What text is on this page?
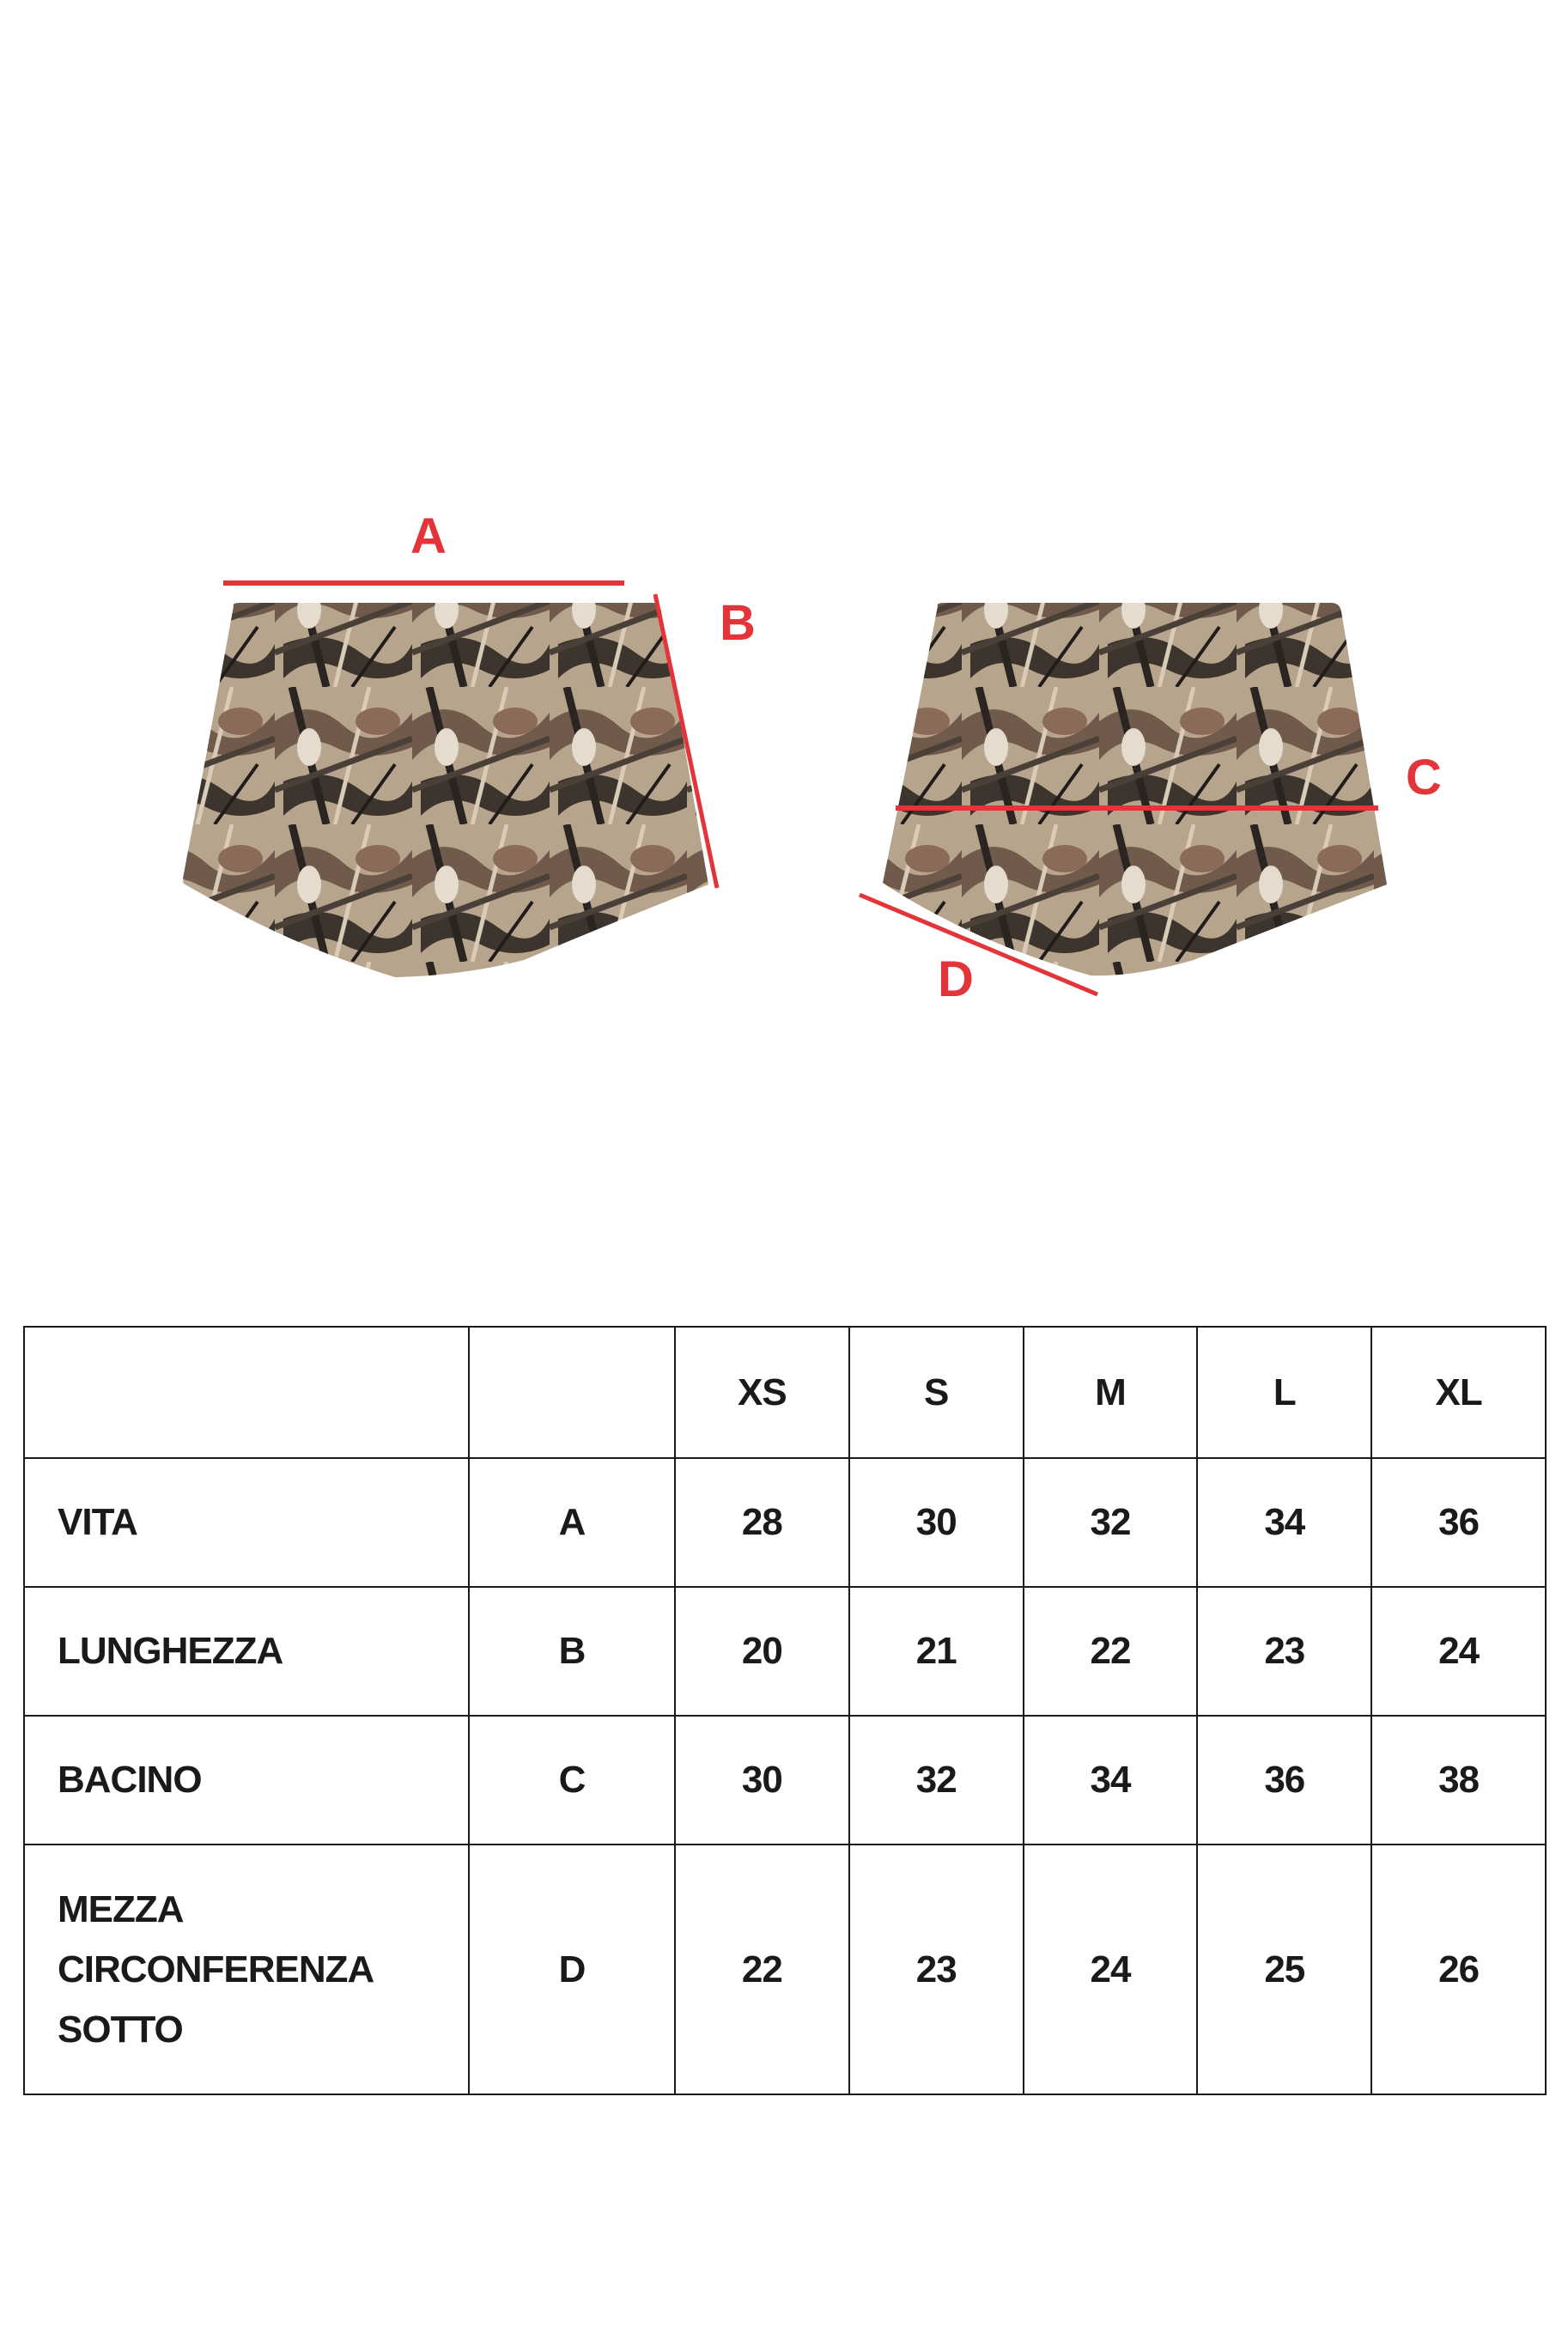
A
B
C
D
		XS	S	M	L	XL

VITA	A	28	30	32	34	36

LUNGHEZZA	B	20	21	22	23	24

BACINO	C	30	32	34	36	38

MEZZA
CIRCONFERENZA
SOTTO	D	22	23	24	25	26
